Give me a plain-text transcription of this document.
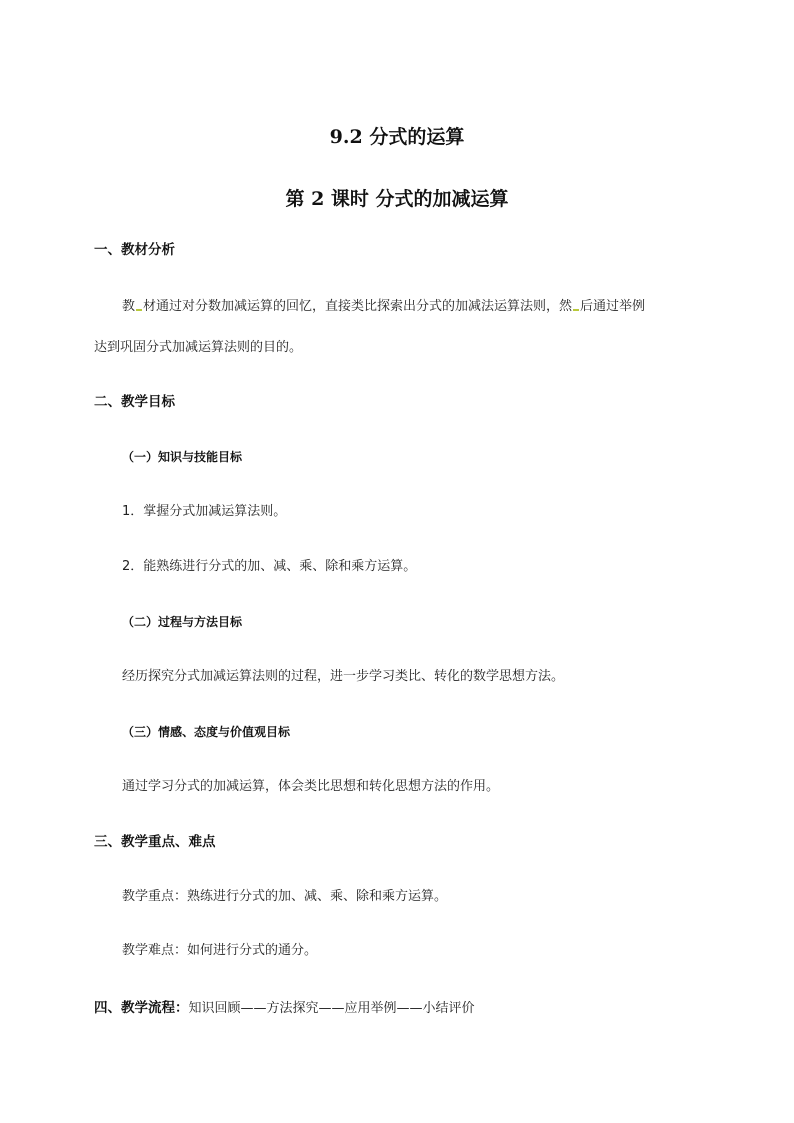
9.2 分式的运算
第 2 课时 分式的加减运算
一、教材分析
教 材通过对分数加减运算的回忆，直接类比探索出分式的加减法运算法则，然 后通过举例
达到巩固分式加减运算法则的目的。
二、教学目标
（一）知识与技能目标
1．掌握分式加减运算法则。
2．能熟练进行分式的加、减、乘、除和乘方运算。
（二）过程与方法目标
经历探究分式加减运算法则的过程，进一步学习类比、转化的数学思想方法。
（三）情感、态度与价值观目标
通过学习分式的加减运算，体会类比思想和转化思想方法的作用。
三、教学重点、难点
教学重点：熟练进行分式的加、减、乘、除和乘方运算。
教学难点：如何进行分式的通分。
四、教学流程：知识回顾——方法探究——应用举例——小结评价
